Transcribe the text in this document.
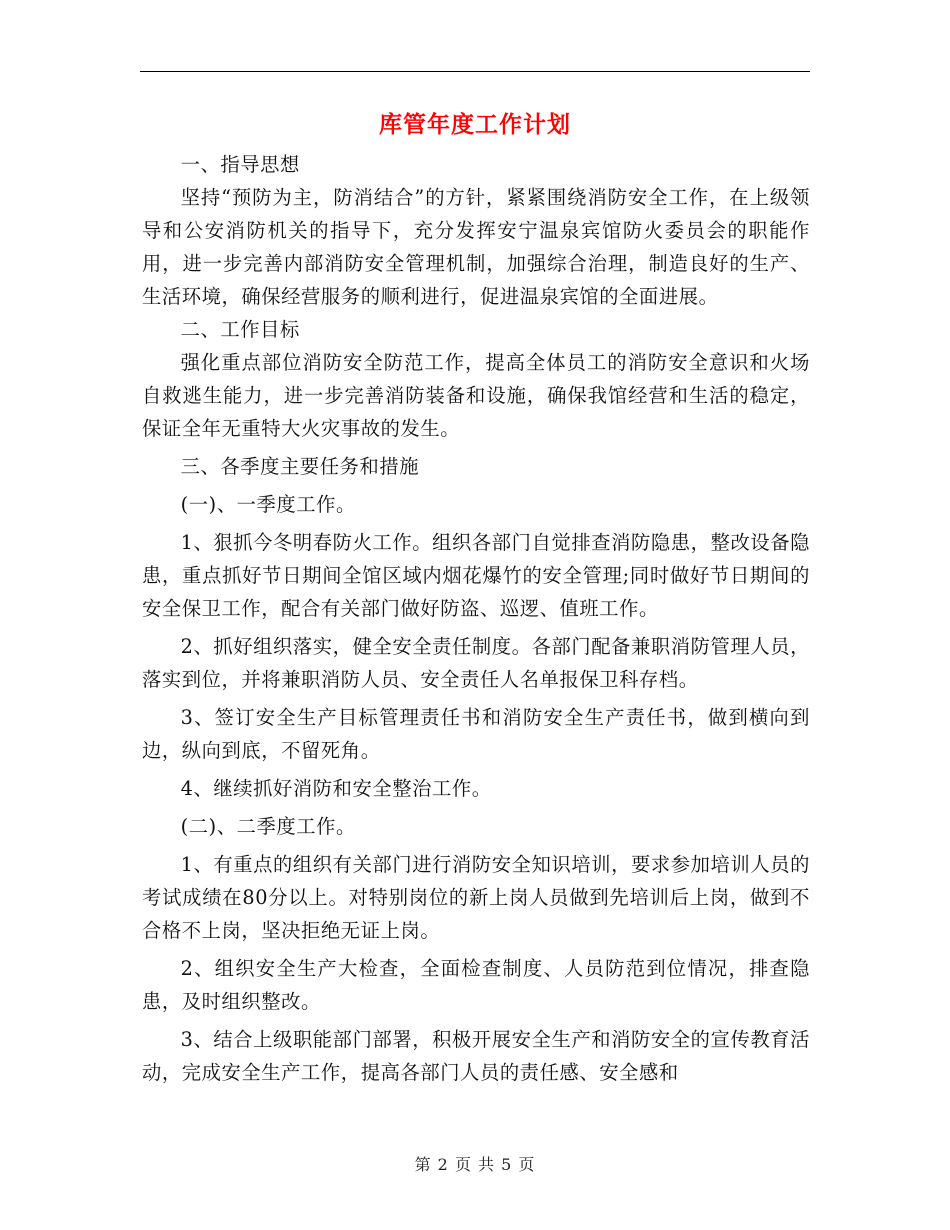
库管年度工作计划

一、指导思想

坚持“预防为主，防消结合”的方针，紧紧围绕消防安全工作，在上级领导和公安消防机关的指导下，充分发挥安宁温泉宾馆防火委员会的职能作用，进一步完善内部消防安全管理机制，加强综合治理，制造良好的生产、生活环境，确保经营服务的顺利进行，促进温泉宾馆的全面进展。

二、工作目标

强化重点部位消防安全防范工作，提高全体员工的消防安全意识和火场自救逃生能力，进一步完善消防装备和设施，确保我馆经营和生活的稳定，保证全年无重特大火灾事故的发生。

三、各季度主要任务和措施

(一)、一季度工作。

1、狠抓今冬明春防火工作。组织各部门自觉排查消防隐患，整改设备隐患，重点抓好节日期间全馆区域内烟花爆竹的安全管理;同时做好节日期间的安全保卫工作，配合有关部门做好防盗、巡逻、值班工作。

2、抓好组织落实，健全安全责任制度。各部门配备兼职消防管理人员，落实到位，并将兼职消防人员、安全责任人名单报保卫科存档。

3、签订安全生产目标管理责任书和消防安全生产责任书，做到横向到边，纵向到底，不留死角。

4、继续抓好消防和安全整治工作。

(二)、二季度工作。

1、有重点的组织有关部门进行消防安全知识培训，要求参加培训人员的考试成绩在80分以上。对特别岗位的新上岗人员做到先培训后上岗，做到不合格不上岗，坚决拒绝无证上岗。

2、组织安全生产大检查，全面检查制度、人员防范到位情况，排查隐患，及时组织整改。

3、结合上级职能部门部署，积极开展安全生产和消防安全的宣传教育活动，完成安全生产工作，提高各部门人员的责任感、安全感和

第 2 页 共 5 页
